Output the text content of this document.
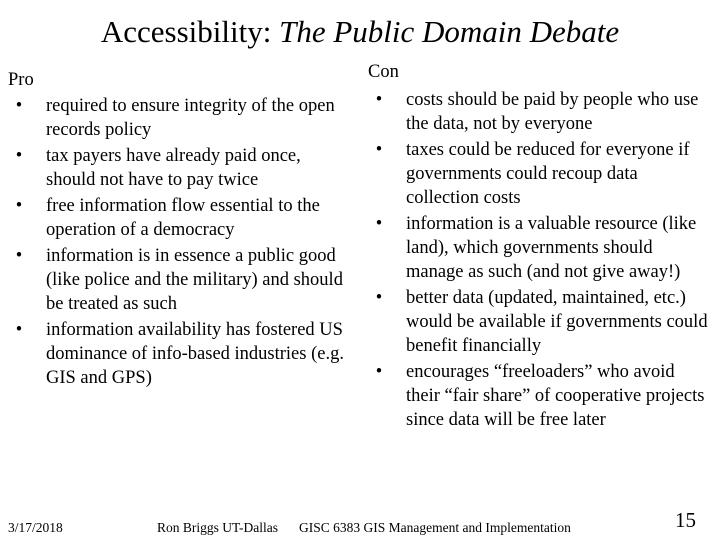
Accessibility: The Public Domain Debate
Pro
• required to ensure integrity of the open records policy
• tax payers have already paid once, should not have to pay twice
• free information flow essential to the operation of a democracy
• information is in essence a public good (like police and the military) and should be treated as such
• information availability has fostered US dominance of info-based industries (e.g. GIS and GPS)
Con
• costs should be paid by people who use the data, not by everyone
• taxes could be reduced for everyone if governments could recoup data collection costs
• information is a valuable resource (like land), which governments should manage as such (and not give away!)
• better data (updated, maintained, etc.) would be available if governments could benefit financially
• encourages “freeloaders” who avoid their “fair share” of cooperative projects since data will be free later
3/17/2018	Ron Briggs UT-Dallas GISC 6383 GIS Management and Implementation	15
